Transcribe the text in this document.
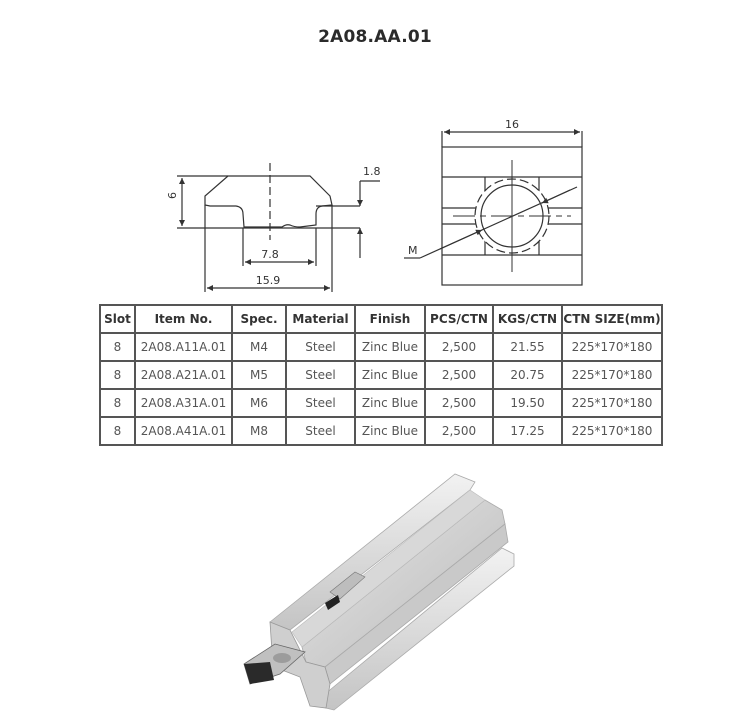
2A08.AA.01
6
1.8
7.8
15.9
16
M
Slot	Item No.	Spec.	Material	Finish	PCS/CTN	KGS/CTN	CTN SIZE(mm)
8	2A08.A11A.01	M4	Steel	Zinc Blue	2,500	21.55	225*170*180
8	2A08.A21A.01	M5	Steel	Zinc Blue	2,500	20.75	225*170*180
8	2A08.A31A.01	M6	Steel	Zinc Blue	2,500	19.50	225*170*180
8	2A08.A41A.01	M8	Steel	Zinc Blue	2,500	17.25	225*170*180
